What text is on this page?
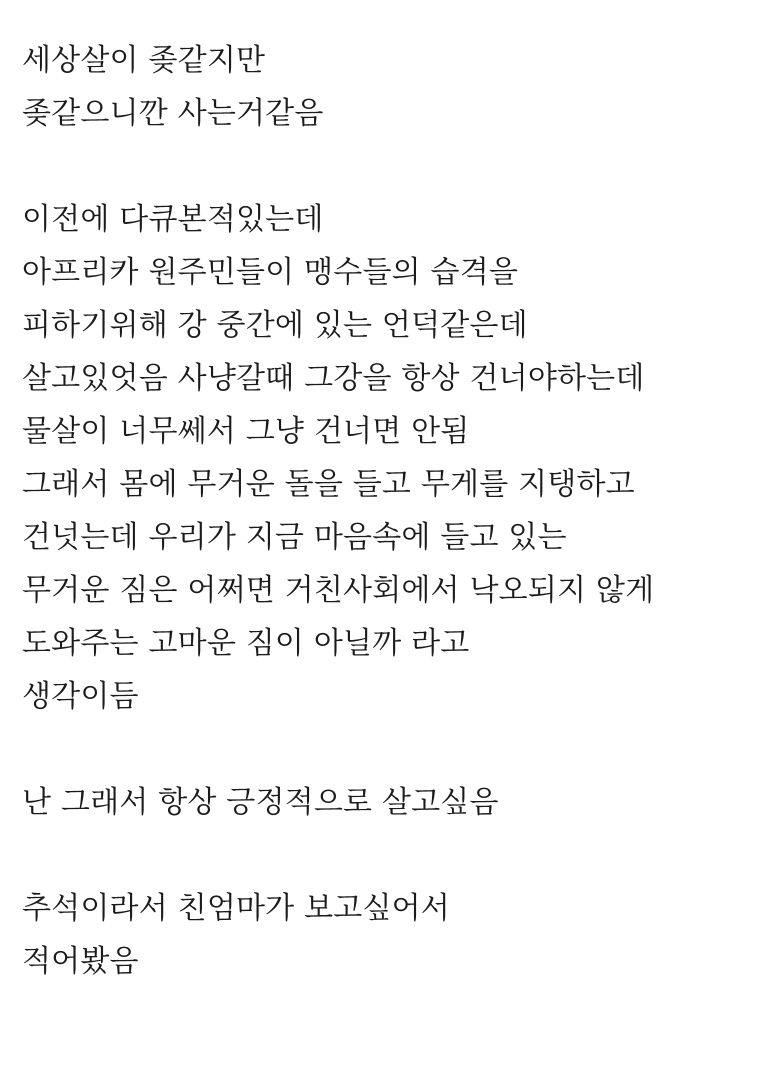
세상살이 좆같지만
좆같으니깐 사는거같음
이전에 다큐본적있는데
아프리카 원주민들이 맹수들의 습격을
피하기위해 강 중간에 있는 언덕같은데
살고있엇음 사냥갈때 그강을 항상 건너야하는데
물살이 너무쎄서 그냥 건너면 안됨
그래서 몸에 무거운 돌을 들고 무게를 지탱하고
건넛는데 우리가 지금 마음속에 들고 있는
무거운 짐은 어쩌면 거친사회에서 낙오되지 않게
도와주는 고마운 짐이 아닐까 라고
생각이듬
난 그래서 항상 긍정적으로 살고싶음
추석이라서 친엄마가 보고싶어서
적어봤음
